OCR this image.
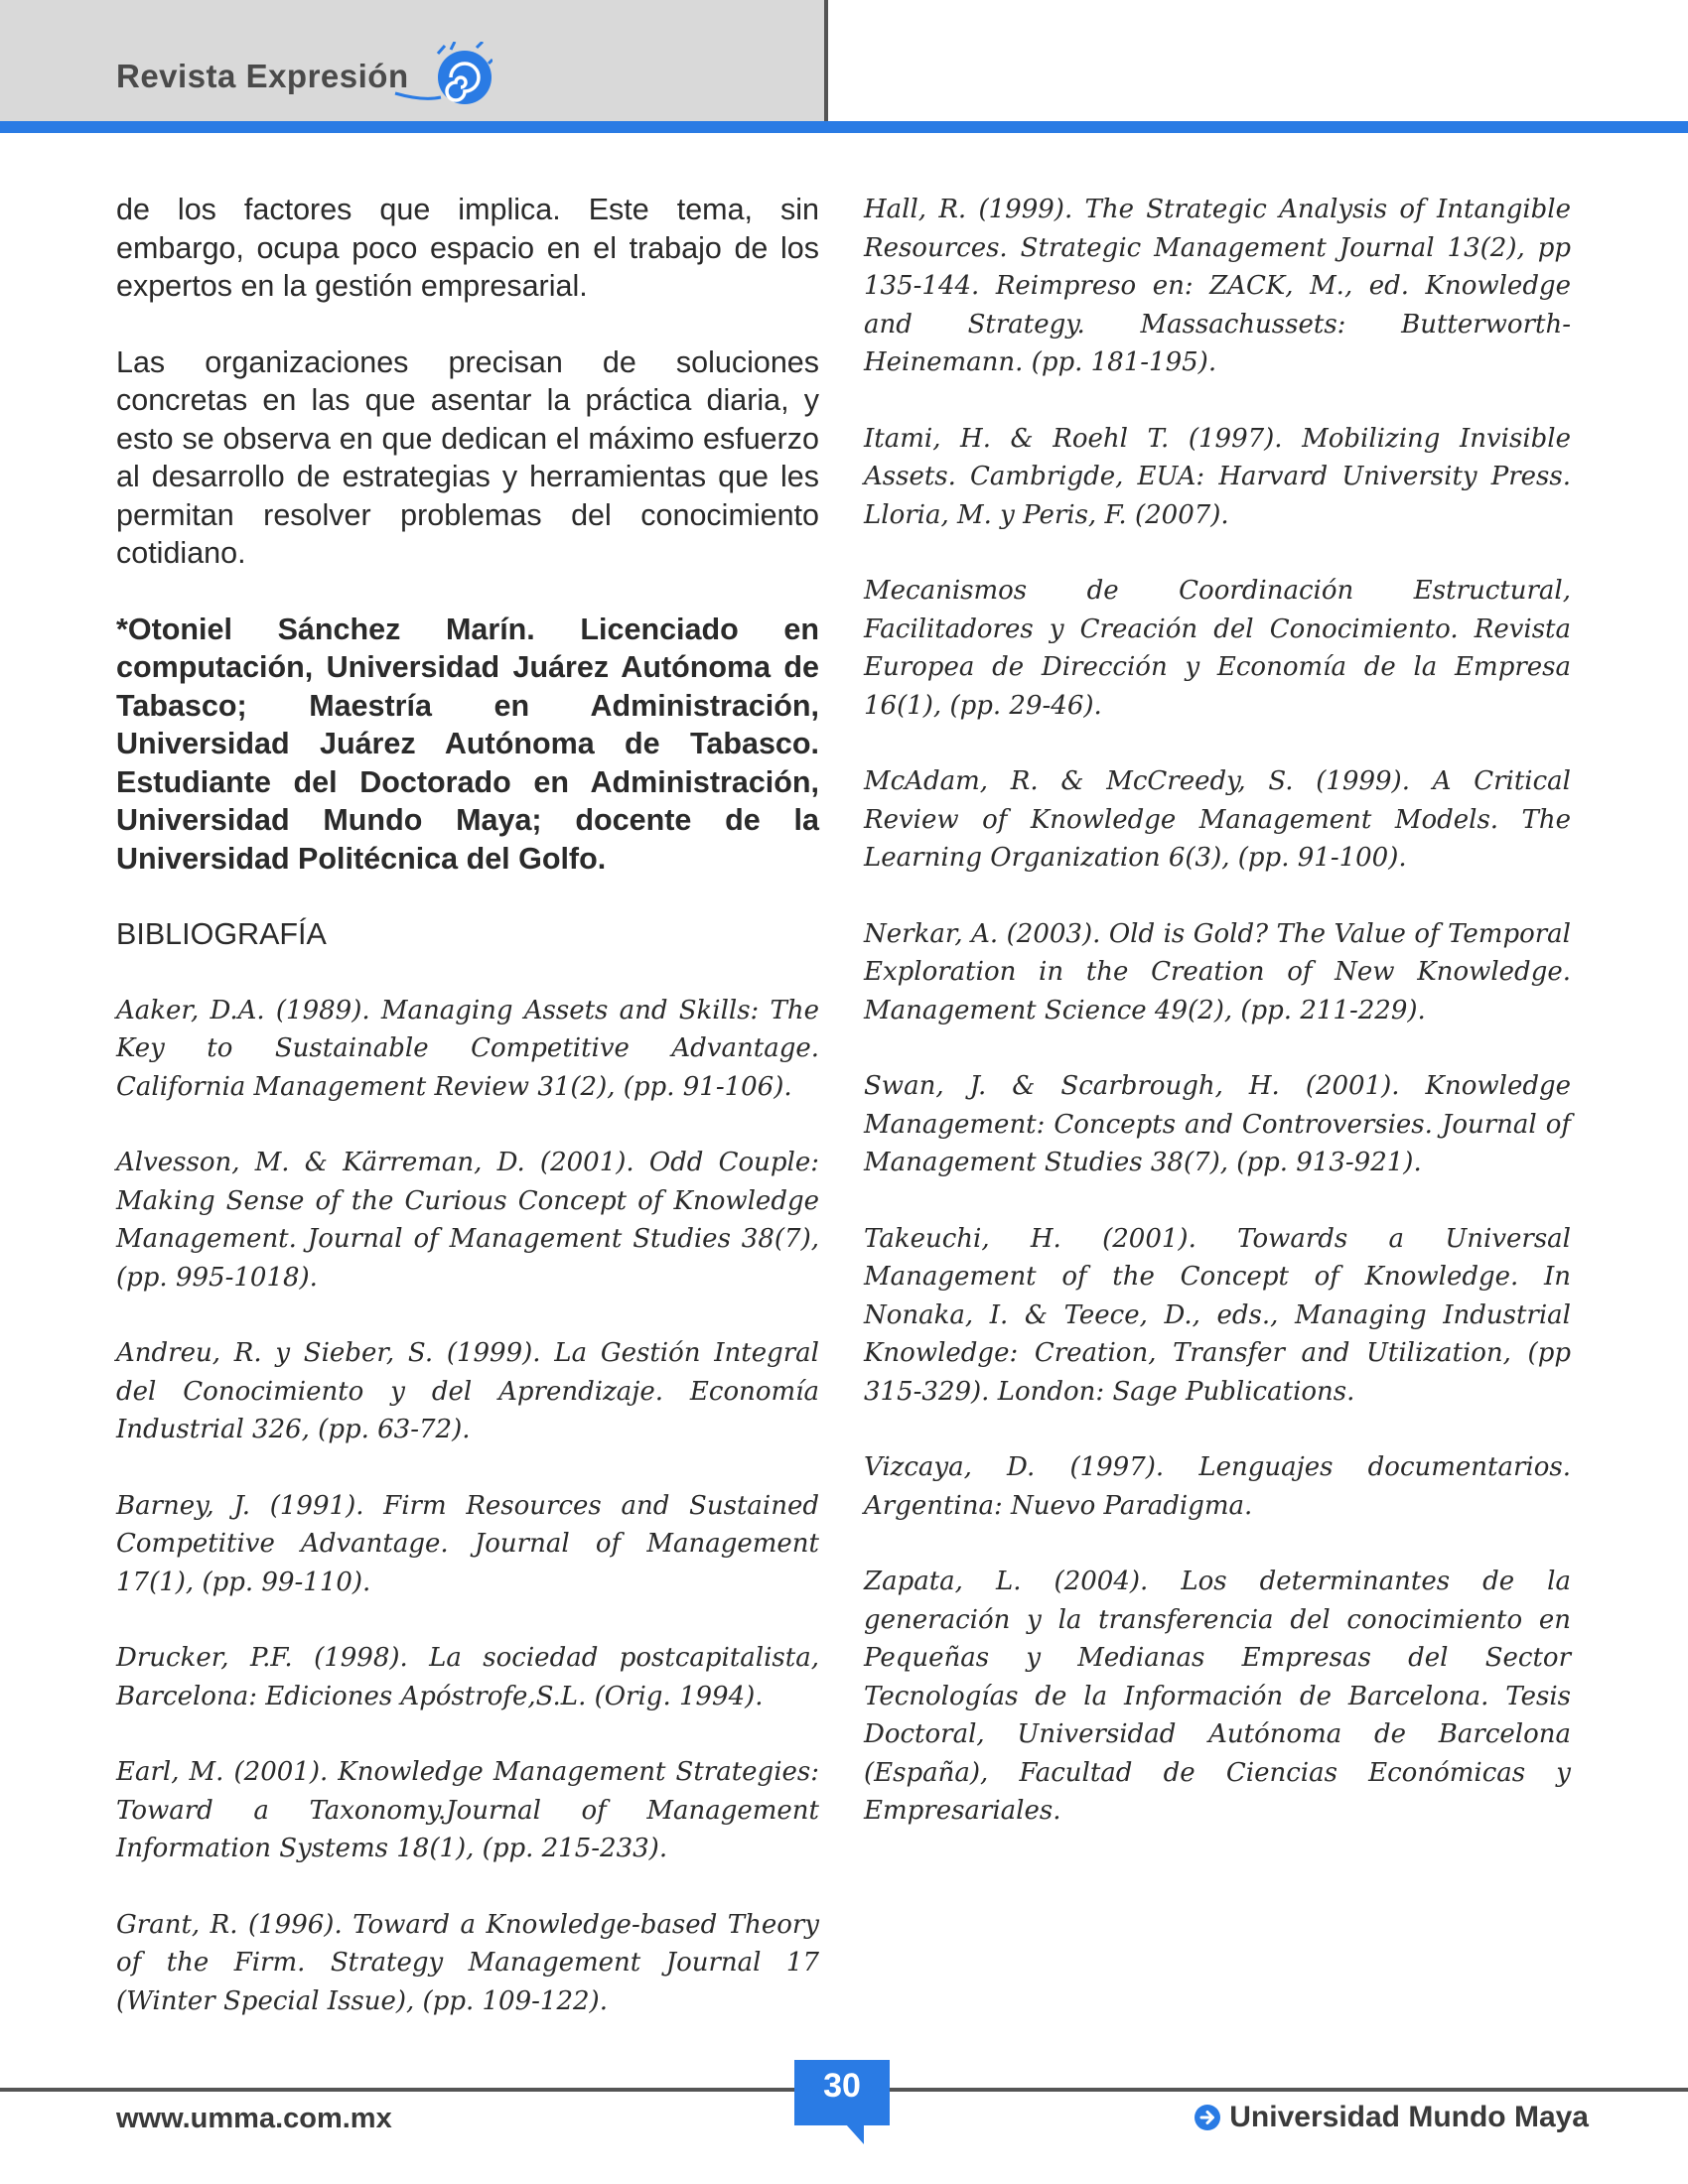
Revista Expresión

de los factores que implica. Este tema, sin embargo, ocupa poco espacio en el trabajo de los expertos en la gestión empresarial.

Las organizaciones precisan de soluciones concretas en las que asentar la práctica diaria, y esto se observa en que dedican el máximo esfuerzo al desarrollo de estrategias y herramientas que les permitan resolver problemas del conocimiento cotidiano.

*Otoniel Sánchez Marín. Licenciado en computación, Universidad Juárez Autónoma de Tabasco; Maestría en Administración, Universidad Juárez Autónoma de Tabasco. Estudiante del Doctorado en Administración, Universidad Mundo Maya; docente de la Universidad Politécnica del Golfo.

BIBLIOGRAFÍA

Aaker, D.A. (1989). Managing Assets and Skills: The Key to Sustainable Competitive Advantage. California Management Review 31(2), (pp. 91-106).

Alvesson, M. & Kärreman, D. (2001). Odd Couple: Making Sense of the Curious Concept of Knowledge Management. Journal of Management Studies 38(7), (pp. 995-1018).

Andreu, R. y Sieber, S. (1999). La Gestión Integral del Conocimiento y del Aprendizaje. Economía Industrial 326, (pp. 63-72).

Barney, J. (1991). Firm Resources and Sustained Competitive Advantage. Journal of Management 17(1), (pp. 99-110).

Drucker, P.F. (1998). La sociedad postcapitalista, Barcelona: Ediciones Apóstrofe,S.L. (Orig. 1994).

Earl, M. (2001). Knowledge Management Strategies: Toward a Taxonomy.Journal of Management Information Systems 18(1), (pp. 215-233).

Grant, R. (1996). Toward a Knowledge-based Theory of the Firm. Strategy Management Journal 17 (Winter Special Issue), (pp. 109-122).

Hall, R. (1999). The Strategic Analysis of Intangible Resources. Strategic Management Journal 13(2), pp 135-144. Reimpreso en: ZACK, M., ed. Knowledge and Strategy. Massachussets: Butterworth-Heinemann. (pp. 181-195).

Itami, H. & Roehl T. (1997). Mobilizing Invisible Assets. Cambrigde, EUA: Harvard University Press. Lloria, M. y Peris, F. (2007).

Mecanismos de Coordinación Estructural, Facilitadores y Creación del Conocimiento. Revista Europea de Dirección y Economía de la Empresa 16(1), (pp. 29-46).

McAdam, R. & McCreedy, S. (1999). A Critical Review of Knowledge Management Models. The Learning Organization 6(3), (pp. 91-100).

Nerkar, A. (2003). Old is Gold? The Value of Temporal Exploration in the Creation of New Knowledge. Management Science 49(2), (pp. 211-229).

Swan, J. & Scarbrough, H. (2001). Knowledge Management: Concepts and Controversies. Journal of Management Studies 38(7), (pp. 913-921).

Takeuchi, H. (2001). Towards a Universal Management of the Concept of Knowledge. In Nonaka, I. & Teece, D., eds., Managing Industrial Knowledge: Creation, Transfer and Utilization, (pp 315-329). London: Sage Publications.

Vizcaya, D. (1997). Lenguajes documentarios. Argentina: Nuevo Paradigma.

Zapata, L. (2004). Los determinantes de la generación y la transferencia del conocimiento en Pequeñas y Medianas Empresas del Sector Tecnologías de la Información de Barcelona. Tesis Doctoral, Universidad Autónoma de Barcelona (España), Facultad de Ciencias Económicas y Empresariales.

www.umma.com.mx
30
Universidad Mundo Maya
